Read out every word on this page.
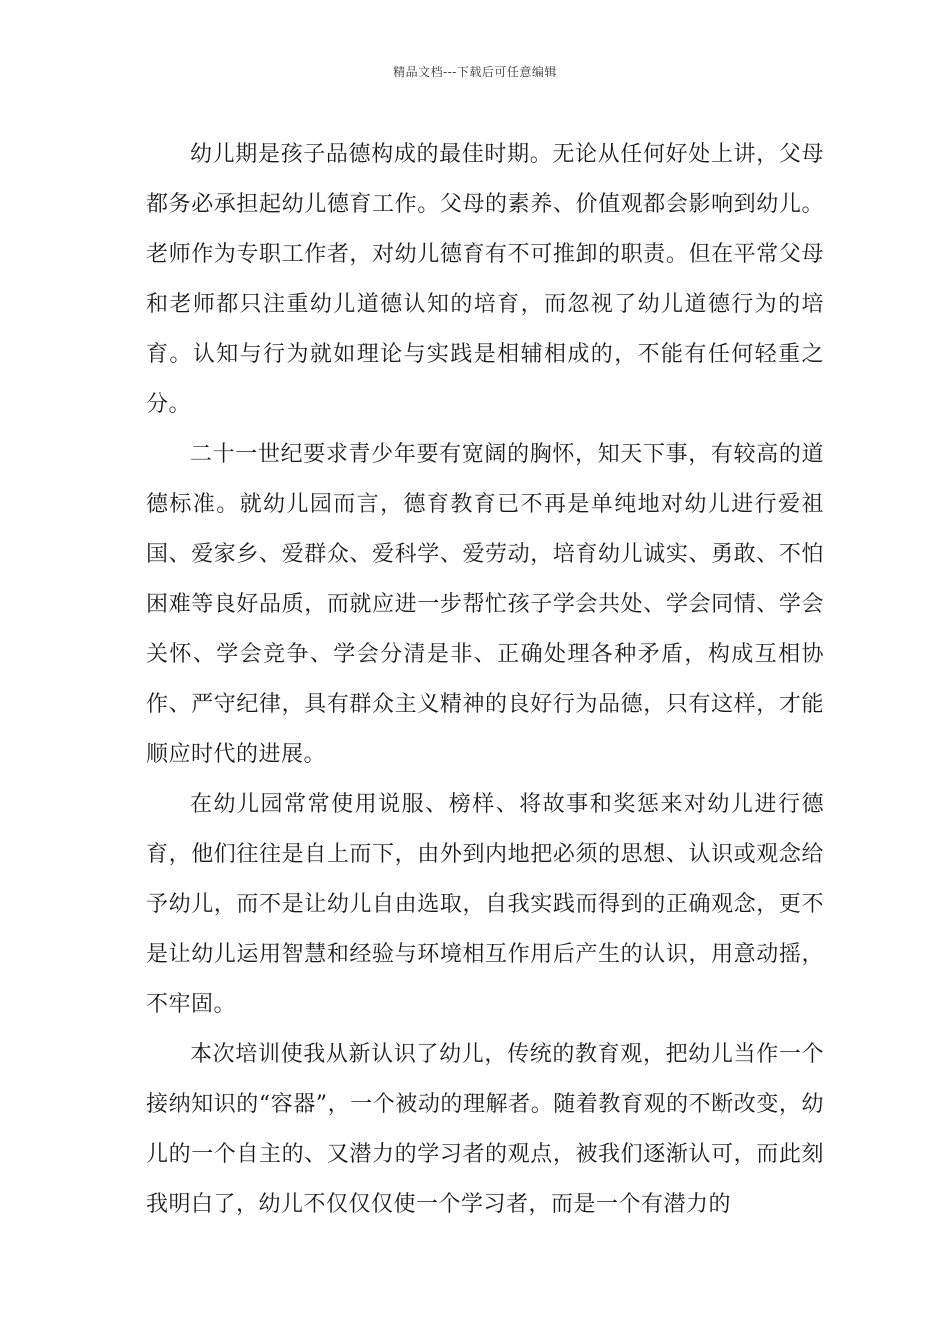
精品文档---下载后可任意编辑

幼儿期是孩子品德构成的最佳时期。无论从任何好处上讲，父母都务必承担起幼儿德育工作。父母的素养、价值观都会影响到幼儿。老师作为专职工作者，对幼儿德育有不可推卸的职责。但在平常父母和老师都只注重幼儿道德认知的培育，而忽视了幼儿道德行为的培育。认知与行为就如理论与实践是相辅相成的，不能有任何轻重之分。

二十一世纪要求青少年要有宽阔的胸怀，知天下事，有较高的道德标准。就幼儿园而言，德育教育已不再是单纯地对幼儿进行爱祖国、爱家乡、爱群众、爱科学、爱劳动，培育幼儿诚实、勇敢、不怕困难等良好品质，而就应进一步帮忙孩子学会共处、学会同情、学会关怀、学会竞争、学会分清是非、正确处理各种矛盾，构成互相协作、严守纪律，具有群众主义精神的良好行为品德，只有这样，才能顺应时代的进展。

在幼儿园常常使用说服、榜样、将故事和奖惩来对幼儿进行德育，他们往往是自上而下，由外到内地把必须的思想、认识或观念给予幼儿，而不是让幼儿自由选取，自我实践而得到的正确观念，更不是让幼儿运用智慧和经验与环境相互作用后产生的认识，用意动摇，不牢固。

本次培训使我从新认识了幼儿，传统的教育观，把幼儿当作一个接纳知识的“容器”，一个被动的理解者。随着教育观的不断改变，幼儿的一个自主的、又潜力的学习者的观点，被我们逐渐认可，而此刻我明白了，幼儿不仅仅仅使一个学习者，而是一个有潜力的
